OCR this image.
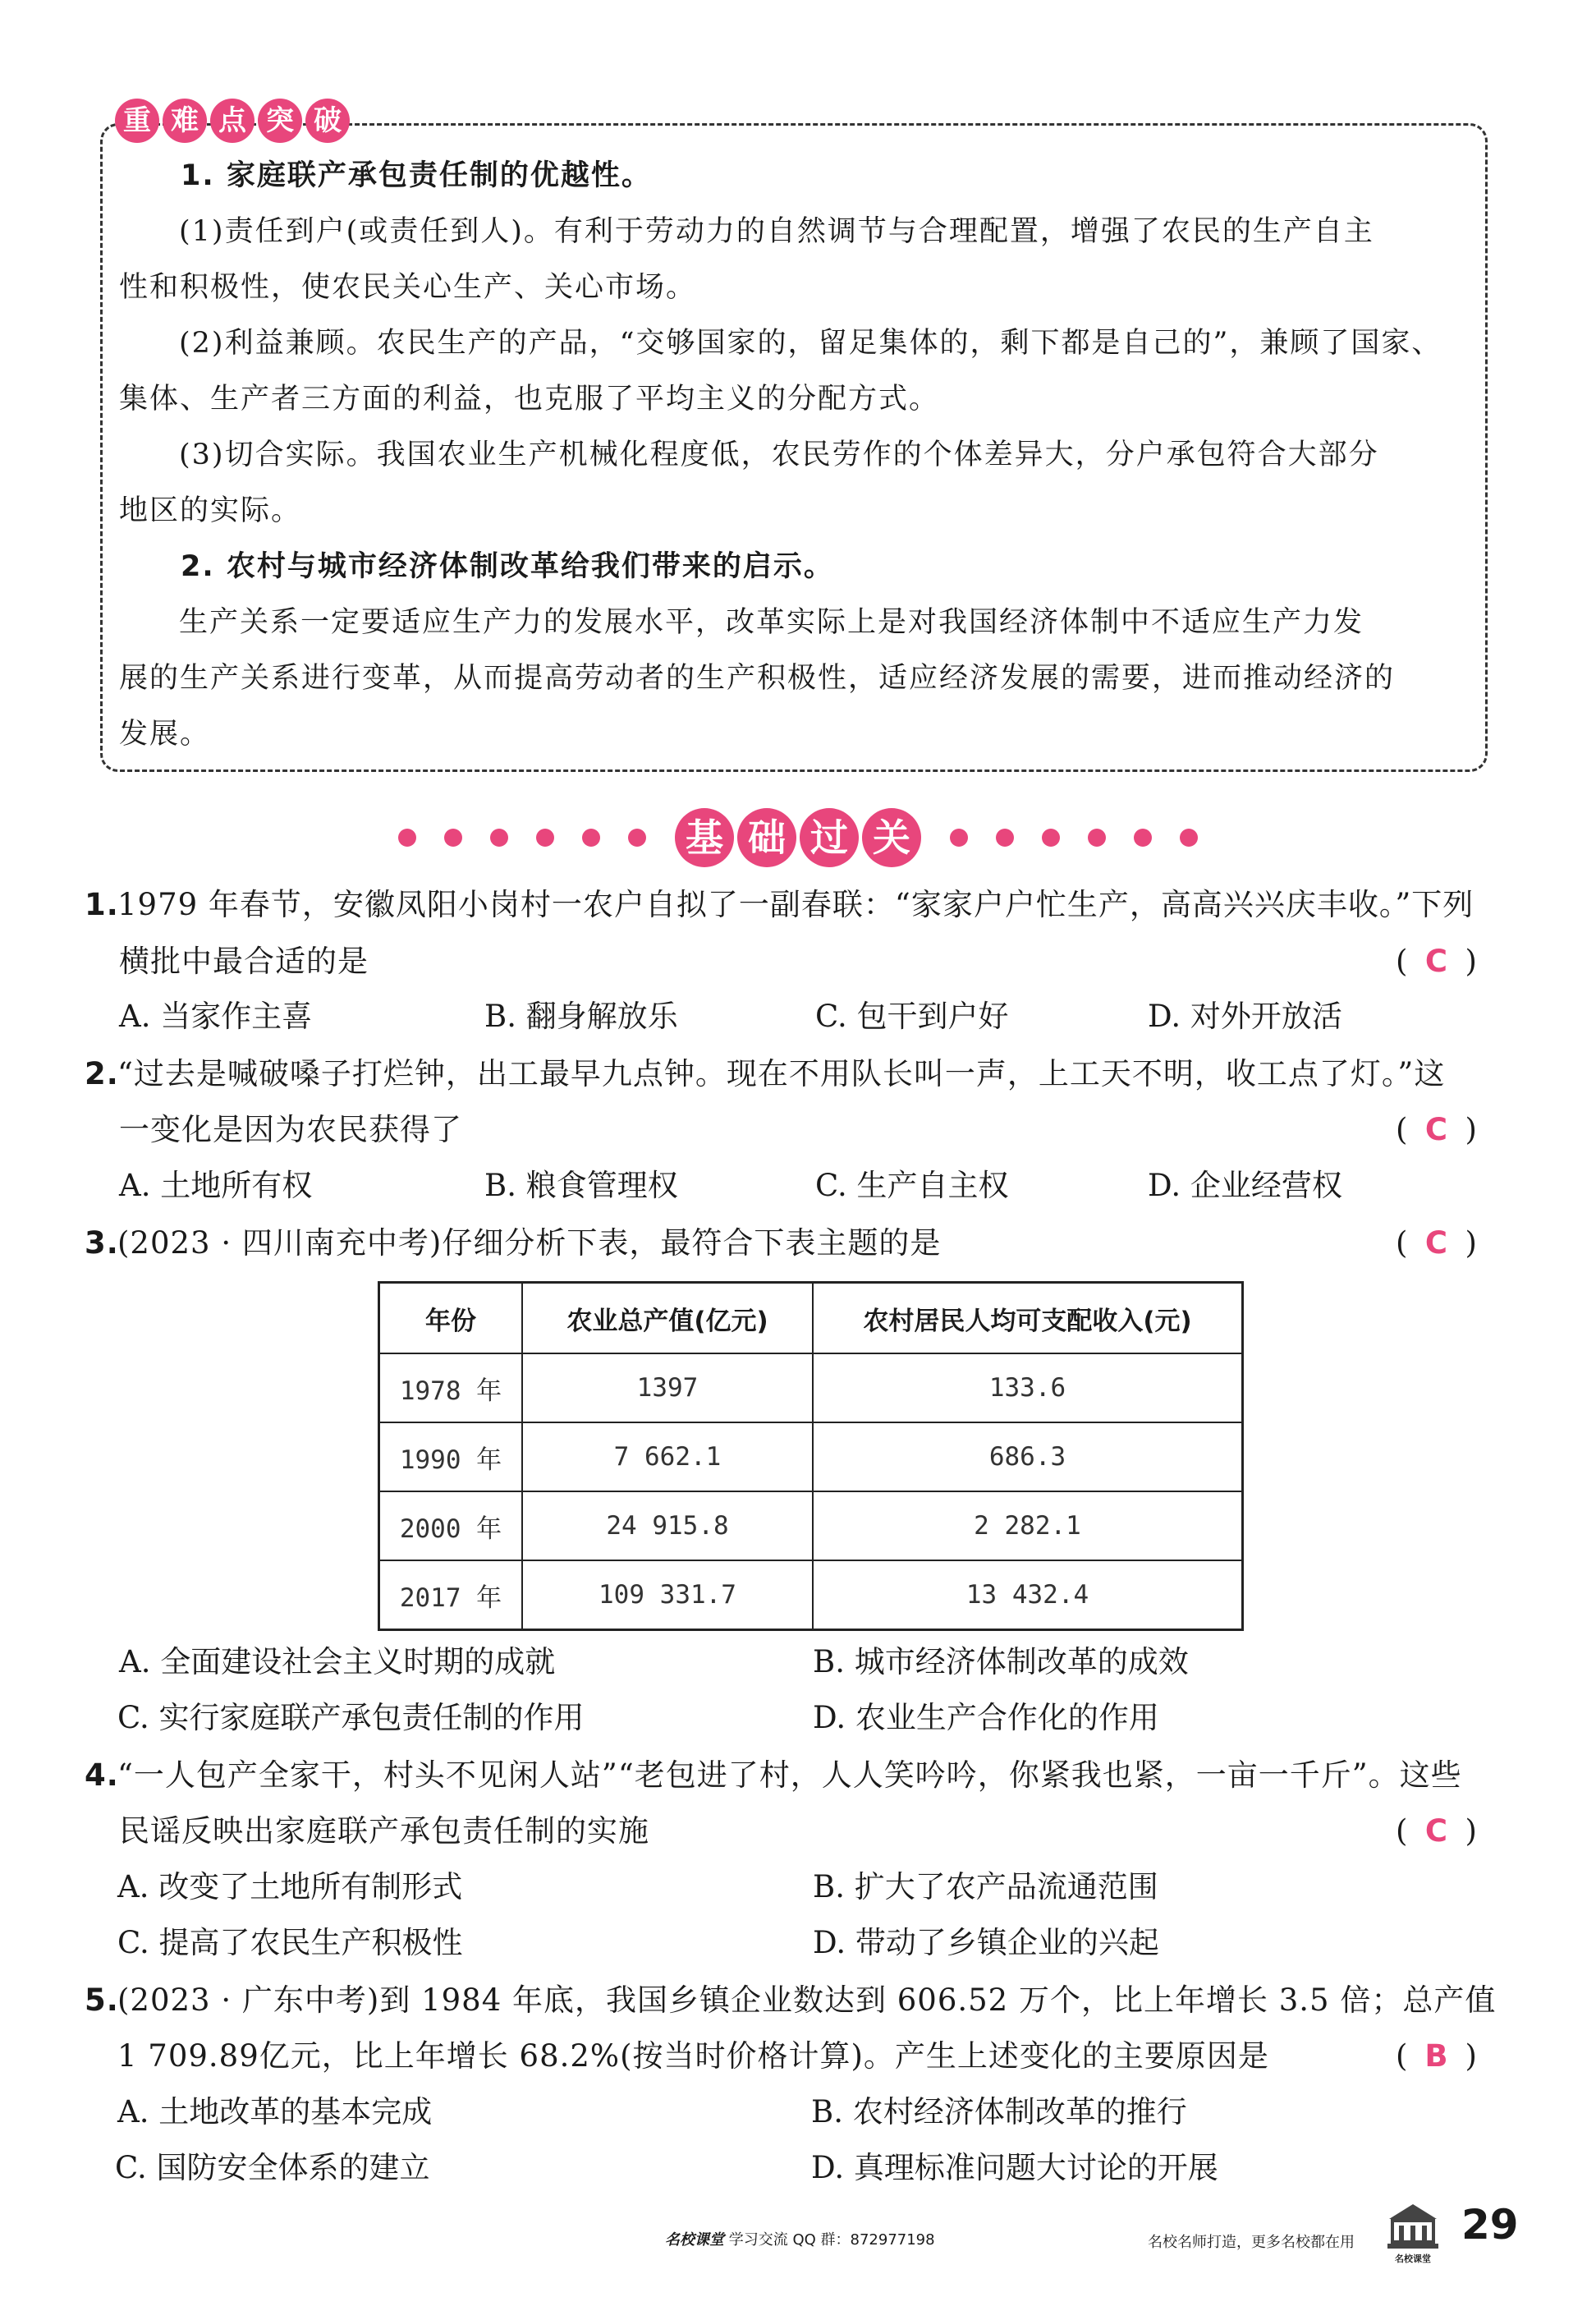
重 难 点 突 破
1. 家庭联产承包责任制的优越性。
(1)责任到户(或责任到人)。有利于劳动力的自然调节与合理配置，增强了农民的生产自主
性和积极性，使农民关心生产、关心市场。
(2)利益兼顾。农民生产的产品，“交够国家的，留足集体的，剩下都是自己的”，兼顾了国家、
集体、生产者三方面的利益，也克服了平均主义的分配方式。
(3)切合实际。我国农业生产机械化程度低，农民劳作的个体差异大，分户承包符合大部分
地区的实际。
2. 农村与城市经济体制改革给我们带来的启示。
生产关系一定要适应生产力的发展水平，改革实际上是对我国经济体制中不适应生产力发
展的生产关系进行变革，从而提高劳动者的生产积极性，适应经济发展的需要，进而推动经济的
发展。
基 础 过 关
1.
1979 年春节，安徽凤阳小岗村一农户自拟了一副春联：“家家户户忙生产，高高兴兴庆丰收。”下列
横批中最合适的是	( C )
A. 当家作主喜	B. 翻身解放乐	C. 包干到户好	D. 对外开放活
2.
“过去是喊破嗓子打烂钟，出工最早九点钟。现在不用队长叫一声，上工天不明，收工点了灯。”这
一变化是因为农民获得了	( C )
A. 土地所有权	B. 粮食管理权	C. 生产自主权	D. 企业经营权
3.
(2023 · 四川南充中考)仔细分析下表，最符合下表主题的是	( C )
年份	农业总产值(亿元)	农村居民人均可支配收入(元)
1978 年	1397	133.6
1990 年	7 662.1	686.3
2000 年	24 915.8	2 282.1
2017 年	109 331.7	13 432.4
A. 全面建设社会主义时期的成就	B. 城市经济体制改革的成效
C. 实行家庭联产承包责任制的作用	D. 农业生产合作化的作用
4.
“一人包产全家干，村头不见闲人站”“老包进了村，人人笑吟吟，你紧我也紧，一亩一千斤”。这些
民谣反映出家庭联产承包责任制的实施	( C )
A. 改变了土地所有制形式	B. 扩大了农产品流通范围
C. 提高了农民生产积极性	D. 带动了乡镇企业的兴起
5.
(2023 · 广东中考)到 1984 年底，我国乡镇企业数达到 606.52 万个，比上年增长 3.5 倍；总产值
1 709.89亿元，比上年增长 68.2%(按当时价格计算)。产生上述变化的主要原因是	( B )
A. 土地改革的基本完成	B. 农村经济体制改革的推行
C. 国防安全体系的建立	D. 真理标准问题大讨论的开展
名校课堂 学习交流 QQ 群：872977198	名校名师打造，更多名校都在用
名校课堂
29
